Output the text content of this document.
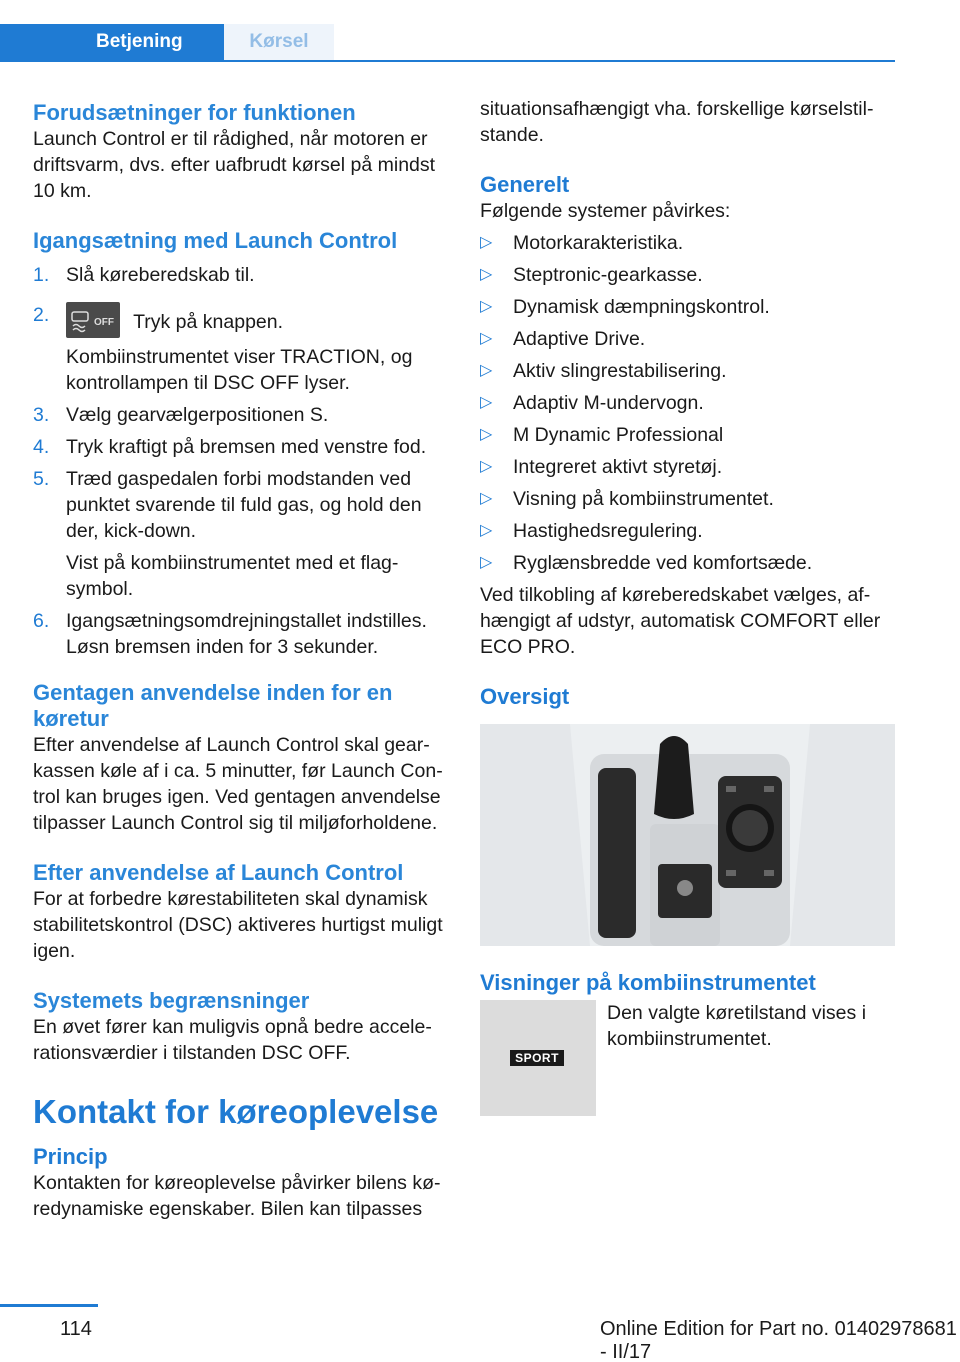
Betjening	Kørsel
Forudsætninger for funktionen

Launch Control er til rådighed, når motoren er driftsvarm, dvs. efter uafbrudt kørsel på mindst 10 km.

Igangsætning med Launch Control
1. Slå kørеberedskab til.

2.	OFF Tryk på knappen.

Kombiinstrumentet viser TRACTION, og kontrollampen til DSC OFF lyser.

3. Vælg gearvælgerpositionen S.

4. Tryk kraftigt på bremsen med venstre fod.

5. Træd gaspedalen forbi modstanden ved punktet svarende til fuld gas, og hold den der, kick-down.

Vist på kombiinstrumentet med et flagsymbol.

6. Igangsætningsomdrejningstallet indstilles. Løsn bremsen inden for 3 sekunder.

Gentagen anvendelse inden for en køretur

Efter anvendelse af Launch Control skal gearkassen køle af i ca. 5 minutter, før Launch Control kan bruges igen. Ved gentagen anvendelse tilpasser Launch Control sig til miljøforholdene.

Efter anvendelse af Launch Control

For at forbedre kørestabiliteten skal dynamisk stabilitetskontrol (DSC) aktiveres hurtigst muligt igen.

Systemets begrænsninger

En øvet fører kan muligvis opnå bedre accelerationsværdier i tilstanden DSC OFF.

Kontakt for køreoplevelse
Princip

Kontakten for køreoplevelse påvirker bilens køredynamiske egenskaber. Bilen kan tilpasses

situationsafhængigt vha. forskellige kørselstilstande.

Generelt

Følgende systemer påvirkes:

▷ Motorkarakteristika.
▷ Steptronic-gearkasse.
▷ Dynamisk dæmpningskontrol.
▷ Adaptive Drive.
▷ Aktiv slingrestabilisering.
▷ Adaptiv M-undervogn.
▷ M Dynamic Professional
▷ Integreret aktivt styretøj.
▷ Visning på kombiinstrumentet.
▷ Hastighedsregulering.
▷ Ryglænsbredde ved komfortsæde.

Ved tilkobling af kørеberedskabet vælges, afhængigt af udstyr, automatisk COMFORT eller ECO PRO.

Oversigt
Visninger på kombiinstrumentet
SPORT

Den valgte køretilstand vises i kombiinstrumentet.

114	Online Edition for Part no. 01402978681 - II/17
